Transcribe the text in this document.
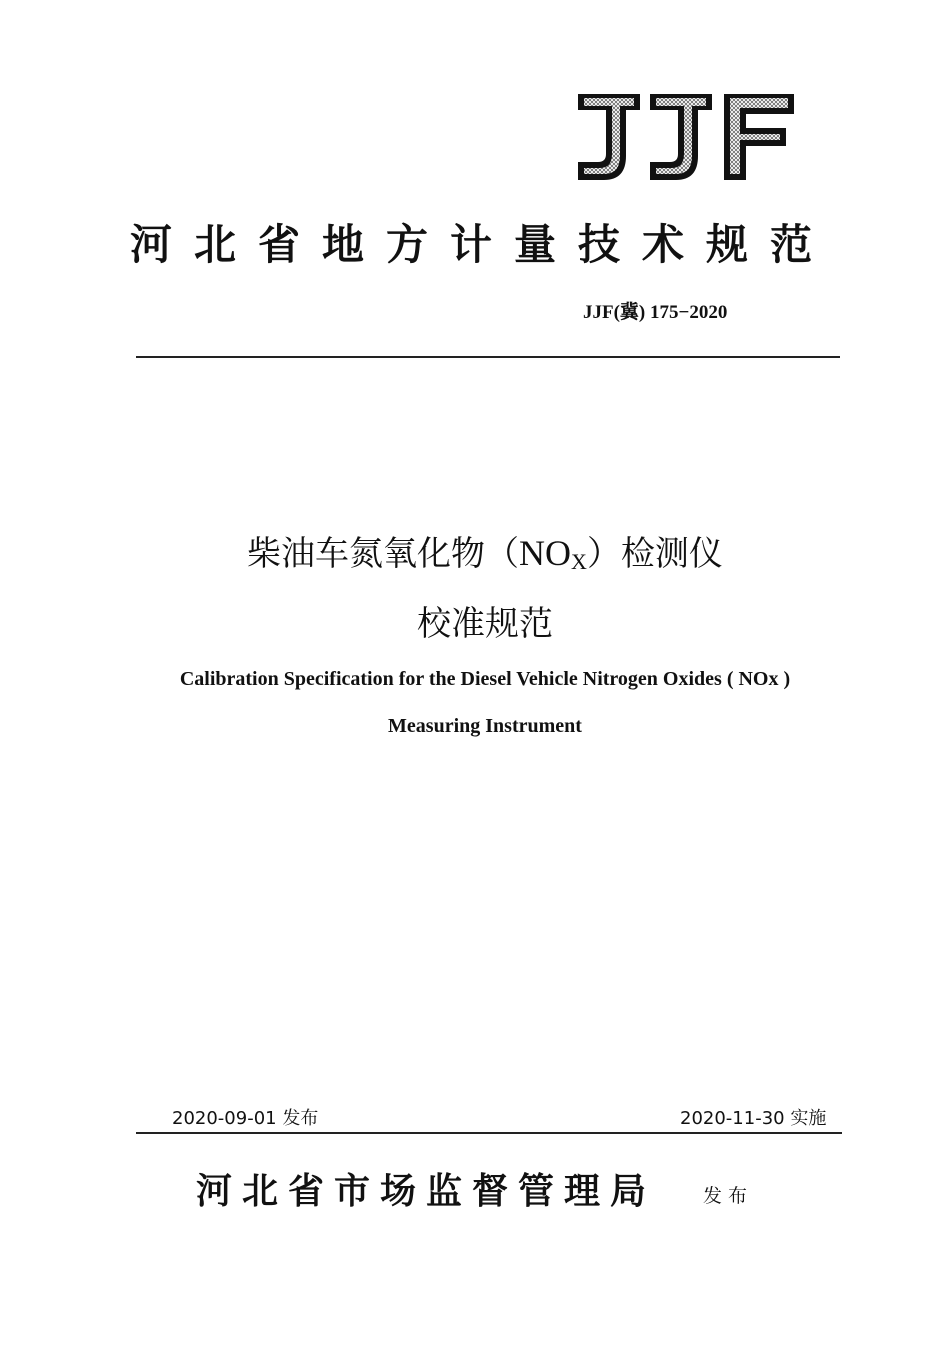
河北省地方计量技术规范
JJF(冀) 175−2020
柴油车氮氧化物（NOX）检测仪
校准规范
Calibration Specification for the Diesel Vehicle Nitrogen Oxides ( NOx )
Measuring Instrument
2020-09-01 发布	2020-11-30 实施
河北省市场监督管理局 发布
